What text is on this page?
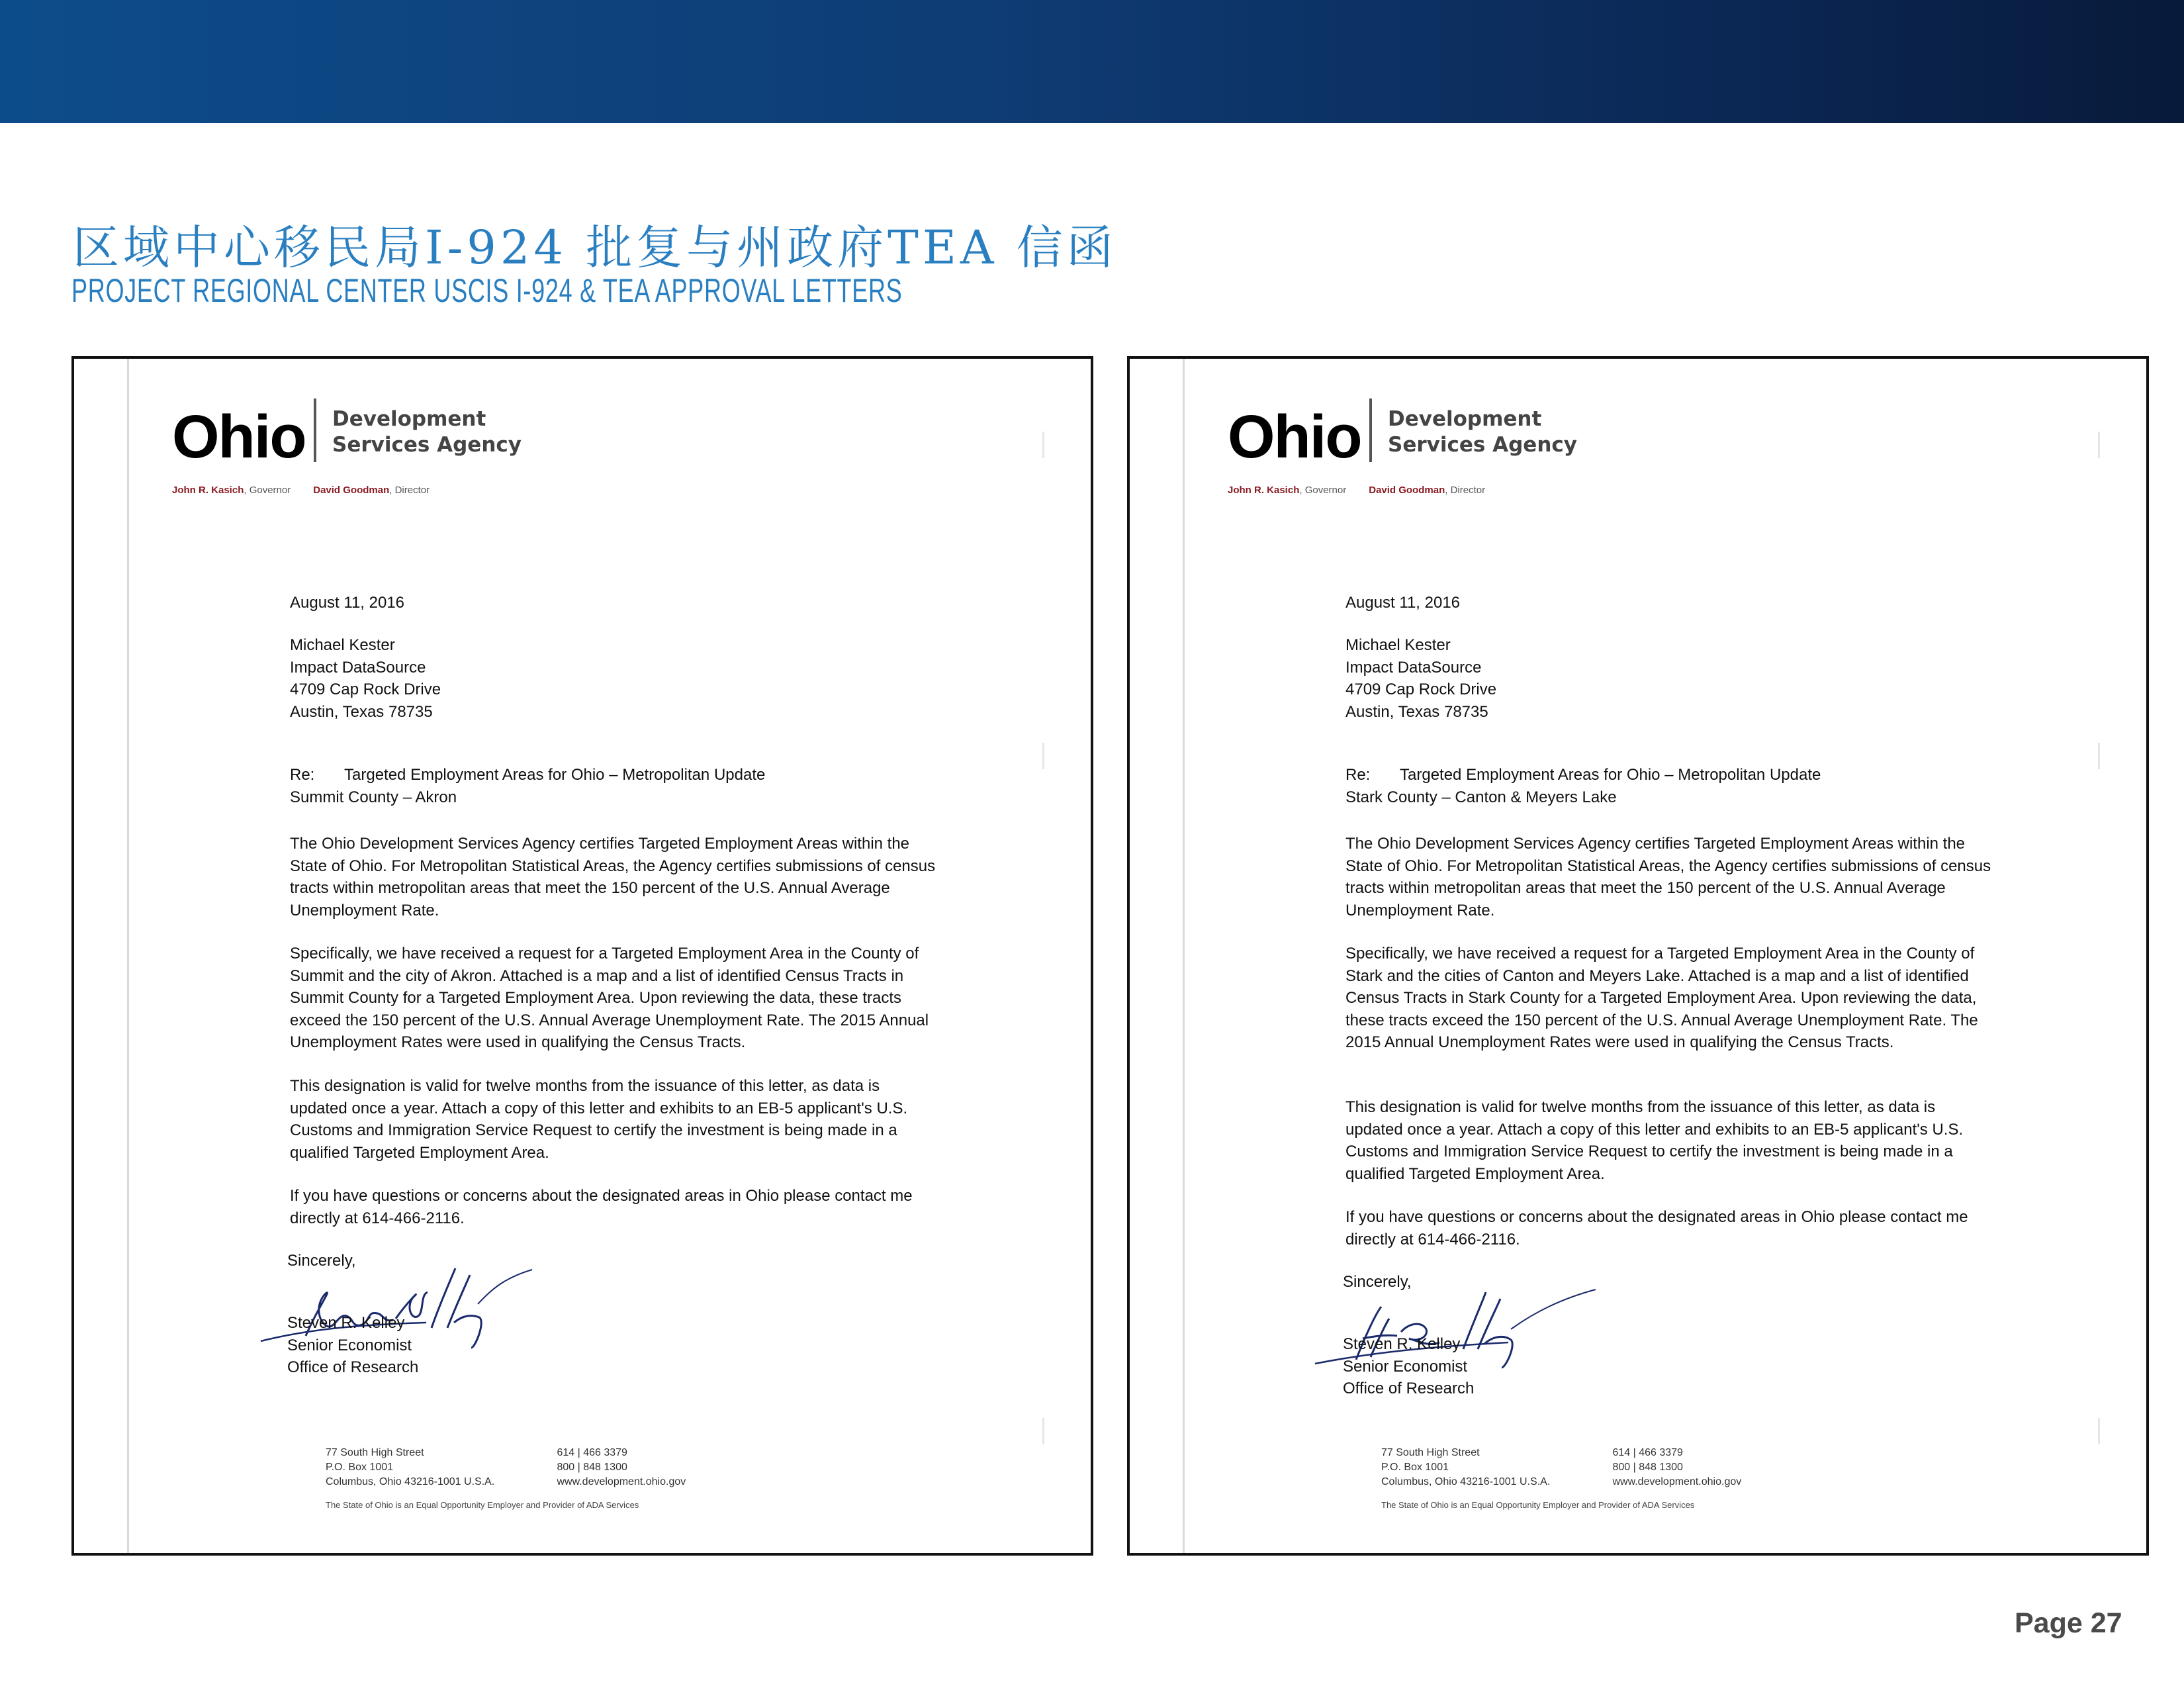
区域中心移民局I-924 批复与州政府TEA 信函
PROJECT REGIONAL CENTER USCIS I-924 & TEA APPROVAL LETTERS
Ohio Development
Services Agency
John R. Kasich, Governor David Goodman, Director
August 11, 2016
Michael Kester
Impact DataSource
4709 Cap Rock Drive
Austin, Texas 78735
Re: Targeted Employment Areas for Ohio – Metropolitan Update
Summit County – Akron
The Ohio Development Services Agency certifies Targeted Employment Areas within the State of Ohio. For Metropolitan Statistical Areas, the Agency certifies submissions of census tracts within metropolitan areas that meet the 150 percent of the U.S. Annual Average Unemployment Rate.
Specifically, we have received a request for a Targeted Employment Area in the County of Summit and the city of Akron. Attached is a map and a list of identified Census Tracts in Summit County for a Targeted Employment Area. Upon reviewing the data, these tracts exceed the 150 percent of the U.S. Annual Average Unemployment Rate. The 2015 Annual Unemployment Rates were used in qualifying the Census Tracts.
This designation is valid for twelve months from the issuance of this letter, as data is updated once a year. Attach a copy of this letter and exhibits to an EB-5 applicant's U.S. Customs and Immigration Service Request to certify the investment is being made in a qualified Targeted Employment Area.
If you have questions or concerns about the designated areas in Ohio please contact me directly at 614-466-2116.
Sincerely,
Steven R. Kelley
Senior Economist
Office of Research
77 South High Street
P.O. Box 1001
Columbus, Ohio 43216-1001 U.S.A.

614 | 466 3379
800 | 848 1300
www.development.ohio.gov
The State of Ohio is an Equal Opportunity Employer and Provider of ADA Services
Ohio Development
Services Agency
John R. Kasich, Governor David Goodman, Director
August 11, 2016
Michael Kester
Impact DataSource
4709 Cap Rock Drive
Austin, Texas 78735
Re: Targeted Employment Areas for Ohio – Metropolitan Update
Stark County – Canton & Meyers Lake
The Ohio Development Services Agency certifies Targeted Employment Areas within the State of Ohio. For Metropolitan Statistical Areas, the Agency certifies submissions of census tracts within metropolitan areas that meet the 150 percent of the U.S. Annual Average Unemployment Rate.
Specifically, we have received a request for a Targeted Employment Area in the County of Stark and the cities of Canton and Meyers Lake. Attached is a map and a list of identified Census Tracts in Stark County for a Targeted Employment Area. Upon reviewing the data, these tracts exceed the 150 percent of the U.S. Annual Average Unemployment Rate. The 2015 Annual Unemployment Rates were used in qualifying the Census Tracts.
This designation is valid for twelve months from the issuance of this letter, as data is updated once a year. Attach a copy of this letter and exhibits to an EB-5 applicant's U.S. Customs and Immigration Service Request to certify the investment is being made in a qualified Targeted Employment Area.
If you have questions or concerns about the designated areas in Ohio please contact me directly at 614-466-2116.
Sincerely,
Steven R. Kelley
Senior Economist
Office of Research
77 South High Street
P.O. Box 1001
Columbus, Ohio 43216-1001 U.S.A.

614 | 466 3379
800 | 848 1300
www.development.ohio.gov
The State of Ohio is an Equal Opportunity Employer and Provider of ADA Services
Page 27
